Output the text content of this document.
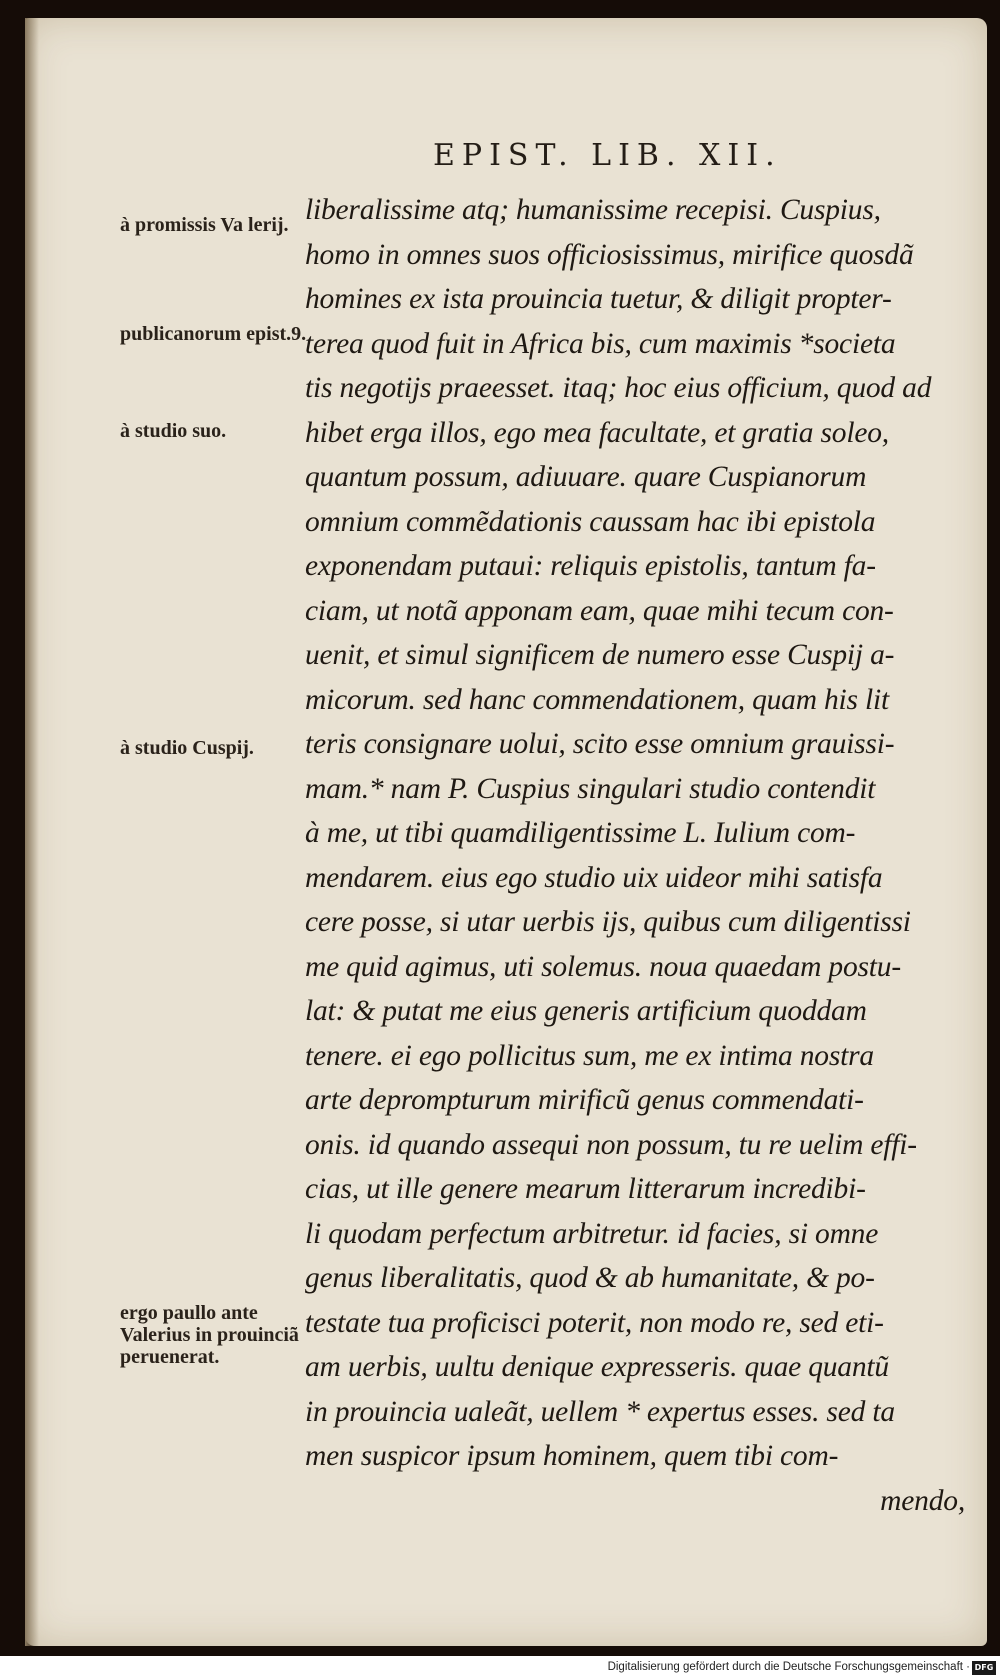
EPIST. LIB. XII.
à promissis Va lerij.
publicanorum epist.9.
à studio suo.
à studio Cuspij.
ergo paullo ante Valerius in prouinciã peruenerat.
liberalissime atq; humanissime recepisi. Cuspius,
homo in omnes suos officiosissimus, mirifice quosdã
homines ex ista prouincia tuetur, & diligit propter-
terea quod fuit in Africa bis, cum maximis *societa
tis negotijs praeesset. itaq; hoc eius officium, quod ad
hibet erga illos, ego mea facultate, et gratia soleo,
quantum possum, adiuuare. quare Cuspianorum
omnium commẽdationis caussam hac ibi epistola
exponendam putaui: reliquis epistolis, tantum fa-
ciam, ut notã apponam eam, quae mihi tecum con-
uenit, et simul significem de numero esse Cuspij a-
micorum. sed hanc commendationem, quam his lit
teris consignare uolui, scito esse omnium grauissi-
mam.* nam P. Cuspius singulari studio contendit
à me, ut tibi quamdiligentissime L. Iulium com-
mendarem. eius ego studio uix uideor mihi satisfa
cere posse, si utar uerbis ijs, quibus cum diligentissi
me quid agimus, uti solemus. noua quaedam postu-
lat: & putat me eius generis artificium quoddam
tenere. ei ego pollicitus sum, me ex intima nostra
arte deprompturum mirificũ genus commendati-
onis. id quando assequi non possum, tu re uelim effi-
cias, ut ille genere mearum litterarum incredibi-
li quodam perfectum arbitretur. id facies, si omne
genus liberalitatis, quod & ab humanitate, & po-
testate tua proficisci poterit, non modo re, sed eti-
am uerbis, uultu denique expresseris. quae quantũ
in prouincia ualeãt, uellem * expertus esses. sed ta
men suspicor ipsum hominem, quem tibi com-
mendo,
Digitalisierung gefördert durch die Deutsche Forschungsgemeinschaft · DFG
